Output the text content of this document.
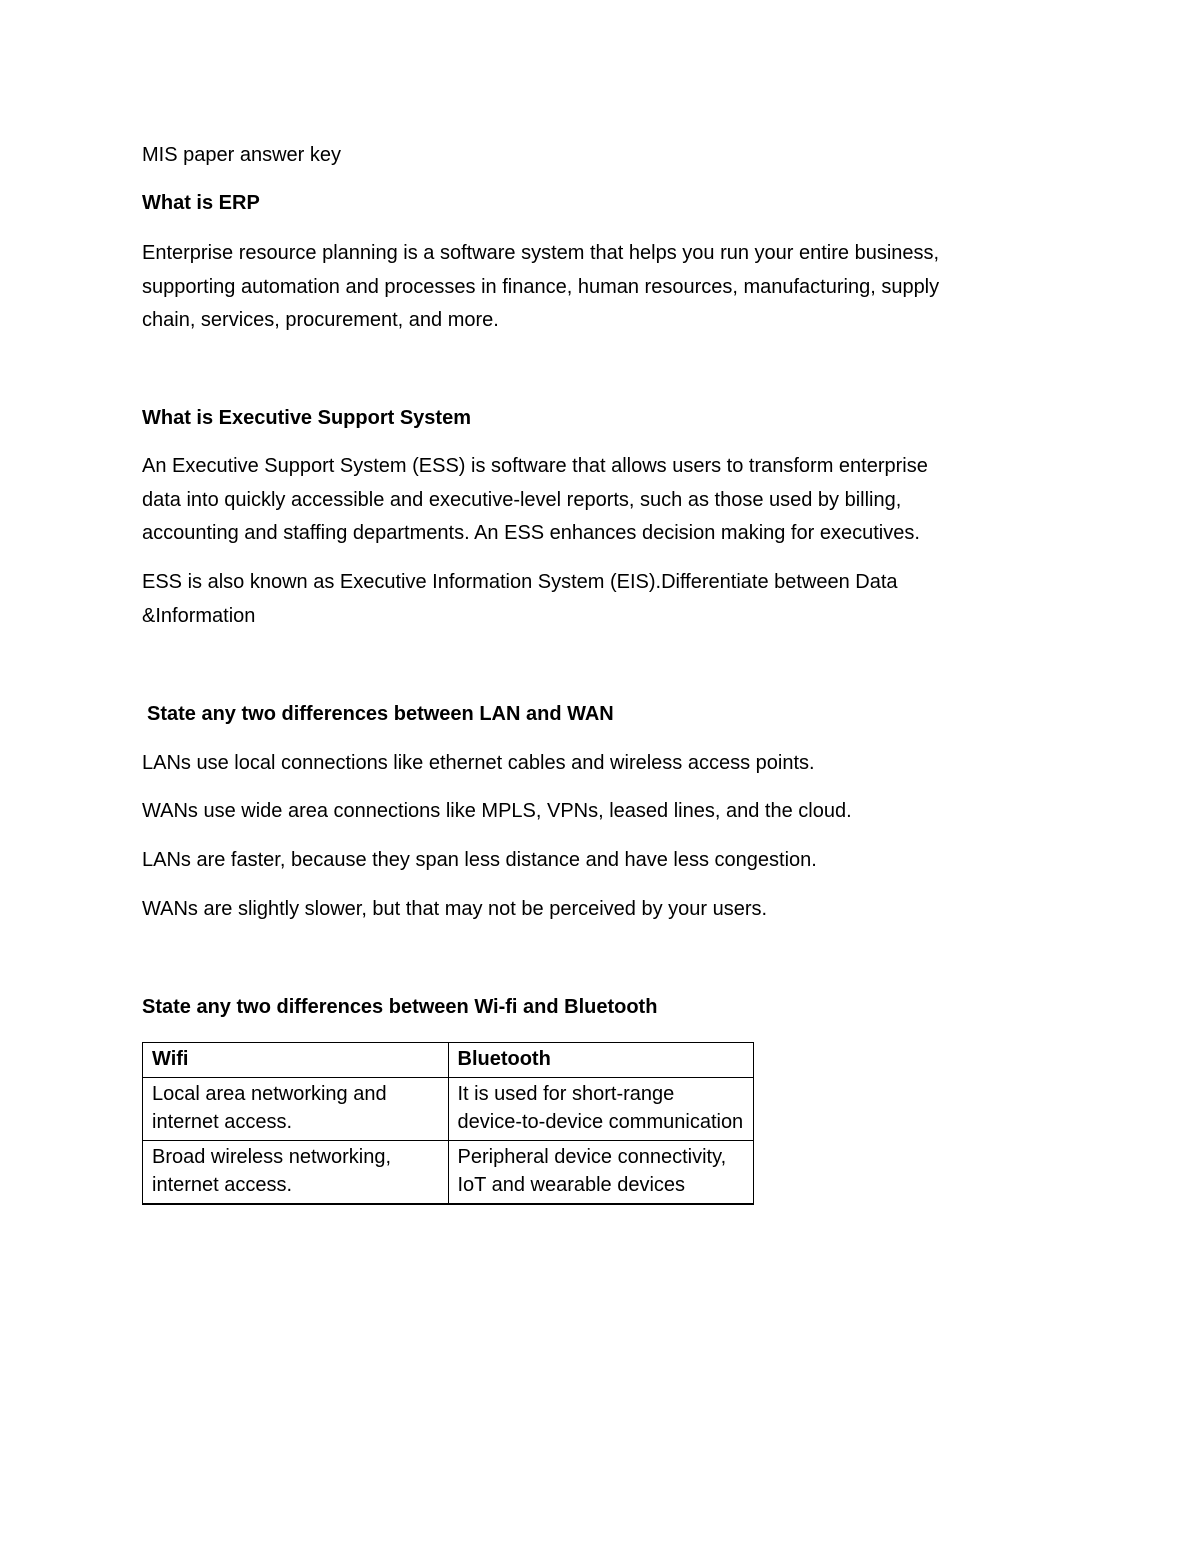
MIS paper answer key

What is ERP

Enterprise resource planning is a software system that helps you run your entire business,

supporting automation and processes in finance, human resources, manufacturing, supply

chain, services, procurement, and more.

What is Executive Support System

An Executive Support System (ESS) is software that allows users to transform enterprise

data into quickly accessible and executive-level reports, such as those used by billing,

accounting and staffing departments. An ESS enhances decision making for executives.

ESS is also known as Executive Information System (EIS).Differentiate between Data

&Information

State any two differences between LAN and WAN

LANs use local connections like ethernet cables and wireless access points.

WANs use wide area connections like MPLS, VPNs, leased lines, and the cloud.

LANs are faster, because they span less distance and have less congestion.

WANs are slightly slower, but that may not be perceived by your users.

State any two differences between Wi-fi and Bluetooth

Wifi	Bluetooth
Local area networking and internet access.	It is used for short-range device-to-device communication
Broad wireless networking, internet access.	Peripheral device connectivity, IoT and wearable devices
